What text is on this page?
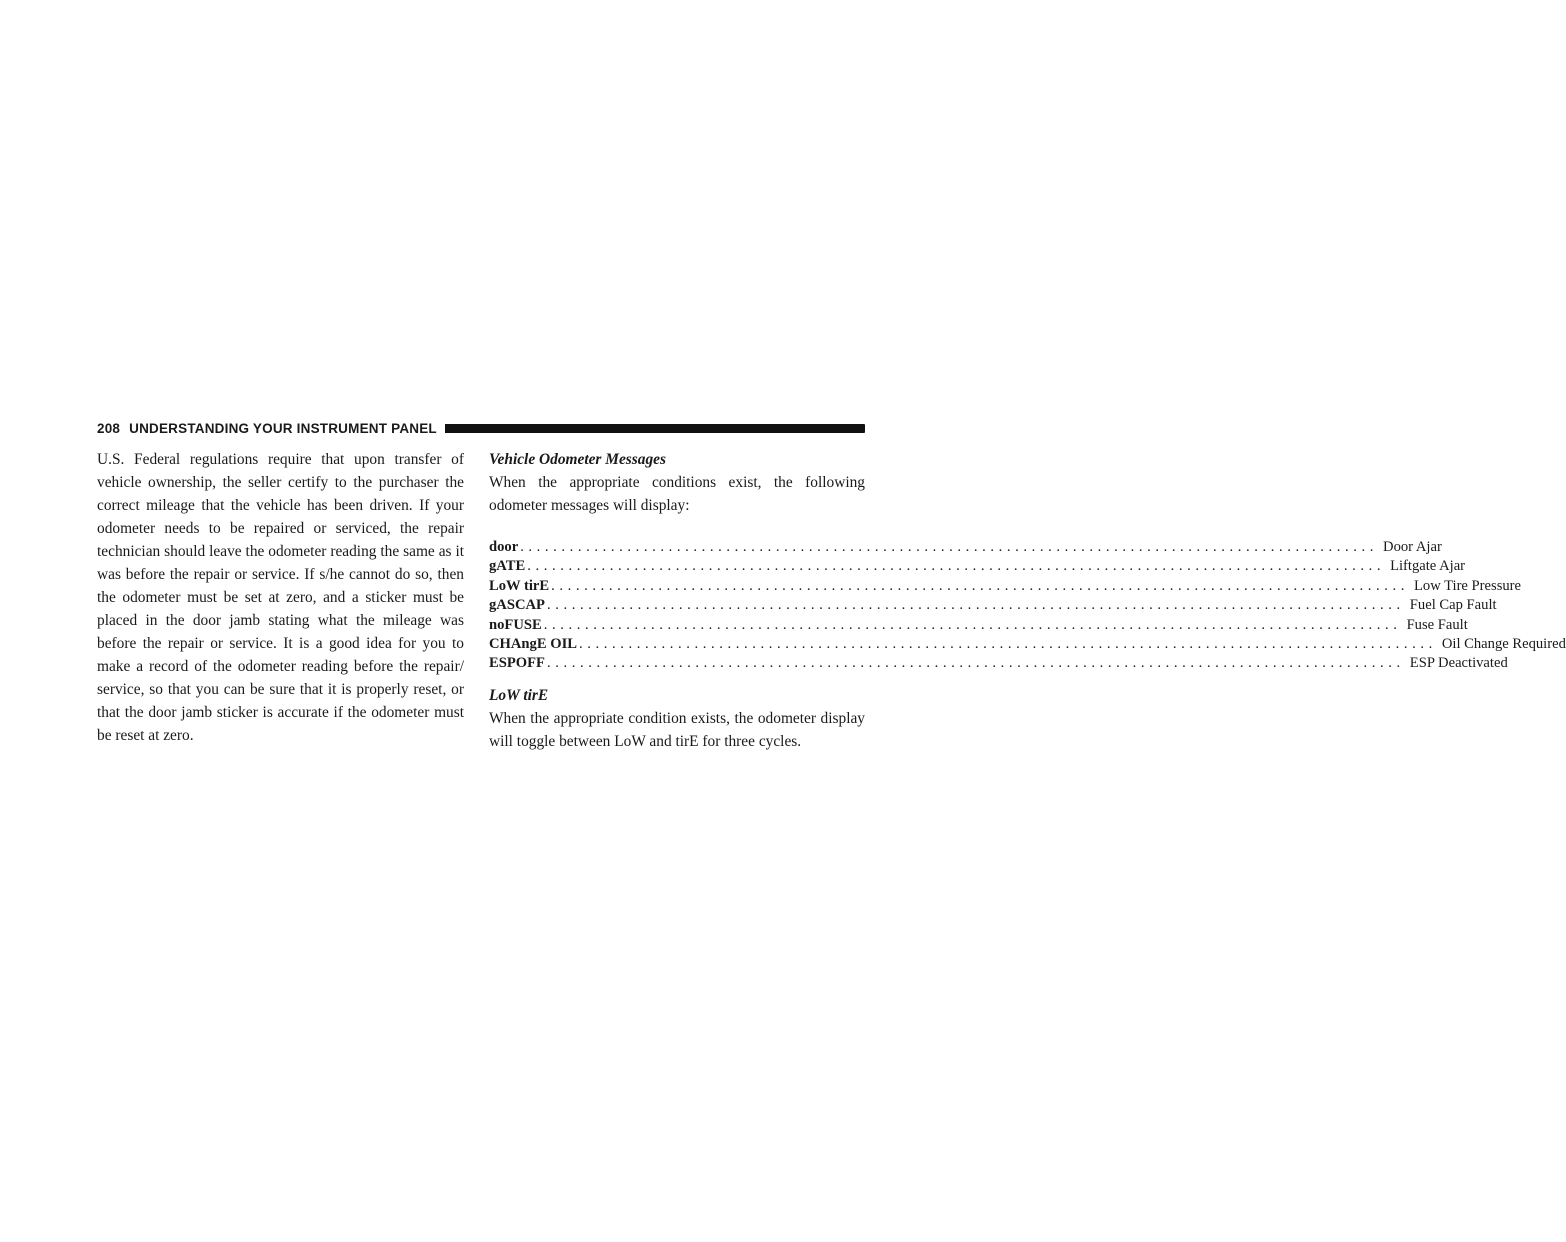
208 UNDERSTANDING YOUR INSTRUMENT PANEL

U.S. Federal regulations require that upon transfer of vehicle ownership, the seller certify to the purchaser the correct mileage that the vehicle has been driven. If your odometer needs to be repaired or serviced, the repair technician should leave the odometer reading the same as it was before the repair or service. If s/he cannot do so, then the odometer must be set at zero, and a sticker must be placed in the door jamb stating what the mileage was before the repair or service. It is a good idea for you to make a record of the odometer reading before the repair/ service, so that you can be sure that it is properly reset, or that the door jamb sticker is accurate if the odometer must be reset at zero.

Vehicle Odometer Messages

When the appropriate conditions exist, the following odometer messages will display:

door ........................................................................................................ Door Ajar
gATE ........................................................................................................ Liftgate Ajar
LoW tirE ........................................................................................................ Low Tire Pressure
gASCAP ........................................................................................................ Fuel Cap Fault
noFUSE ........................................................................................................ Fuse Fault
CHAngE OIL ........................................................................................................ Oil Change Required
ESPOFF ........................................................................................................ ESP Deactivated
LoW tirE

When the appropriate condition exists, the odometer display will toggle between LoW and tirE for three cycles.
